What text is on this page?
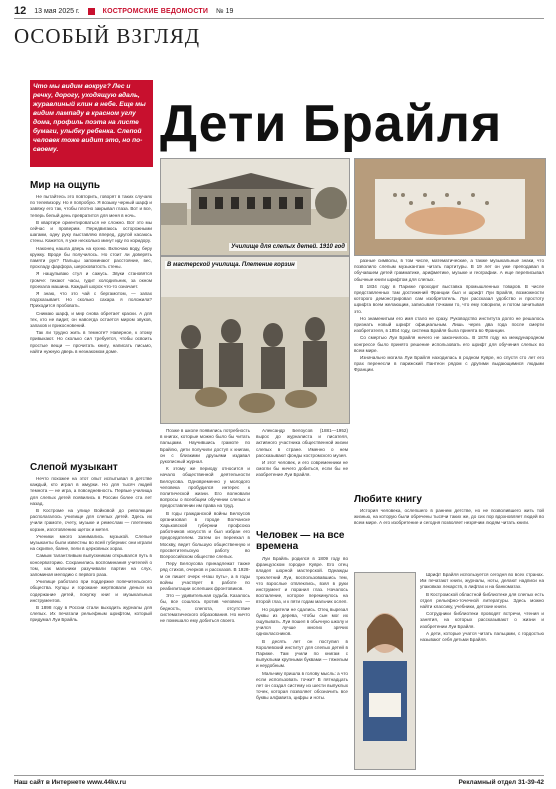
12 13 мая 2025 г.	КОСТРОМСКИЕ ВЕДОМОСТИ № 19
ОСОБЫЙ ВЗГЛЯД
Что мы видим вокруг? Лес и речку, дорогу, уходящую вдаль, журавлиный клин в небе. Еще мы видим лампаду в красном углу дома, профиль поэта на листе бумаги, улыбку ребенка. Слепой человек тоже видит это, но по-своему.	Дети Брайля
Мир на ощупь

Не пытайтесь это повторить, говорят в таких случаях по телевизору. Но я попробую. Я возьму черный шарф и завяжу его так, чтобы плотно закрывал глаза. Вот и все, теперь белый день превратится для меня в ночь.

В квартире ориентироваться не сложно. Вот это мы сейчас и проверим. Передвигаюсь осторожными шагами, одну руку выставляю вперед, другой касаюсь стены. Кажется, я уже несколько минут иду по коридору.

Наконец нашла дверь на кухню. Включаю воду, беру кружку. Вроде бы получилось. Но стоит ли доверять памяти рук? Пальцы запоминают расстояние, вес, прохладу фарфора, шероховатость стены.

Я нащупываю стул и сажусь. Звуки становятся громче: тикают часы, гудит холодильник, за окном проехала машина. Каждый шорох что-то означает.

Я знаю, что это чай с бергамотом, — запах подсказывает. Но сколько сахара я положила? Приходится пробовать.

Снимаю шарф, и мир снова обретает краски. А для тех, кто не видит, он навсегда остается миром звуков, запахов и прикосновений.

Так ли трудно жить в темноте? Наверное, к этому привыкают. Но сколько сил требуется, чтобы освоить простые вещи — прочитать книгу, написать письмо, найти нужную дверь в незнакомом доме.

Слепой музыкант

Нечто похожее на этот опыт испытывал в детстве каждый, кто играл в жмурки. Но для тысяч людей темнота — не игра, а повседневность. Первые училища для слепых детей появились в России более ста лет назад.

В Костроме на улице Войковой до революции располагалось училище для слепых детей. Здесь их учили грамоте, счету, музыке и ремеслам — плетению корзин, изготовлению щеток и метел.

Ученики много занимались музыкой. Слепые музыканты были известны во всей губернии: они играли на скрипке, баяне, пели в церковных хорах.

Самым талантливым выпускникам открывался путь в консерваторию. Сохранились воспоминания учителей о том, как мальчики разучивали партии на слух, запоминая мелодию с первого раза.

Училище работало при поддержке попечительского общества. Купцы и горожане жертвовали деньги на содержание детей, покупку книг и музыкальных инструментов.

В 1898 году в России стали выходить журналы для слепых. Их печатали рельефным шрифтом, который придумал Луи Брайль.

Училище для слепых детей. 1910 год
В мастерской училища. Плетение корзин

Позже в школе появились потребность в книгах, которые можно было бы читать пальцами. Научившись грамоте по Брайлю, дети получили доступ к книгам, он с близкими друзьями издавал рукописный журнал.

К этому же периоду относится и начало общественной деятельности Белоусова. Одновременно у молодого человека пробудился интерес к политической жизни. Его волновали вопросы о всеобщем обучении слепых и предоставлении им права на труд.

В годы гражданской войны Белоусов организовал в городе Волчанске Харьковской губернии профсоюз работников искусств и был избран его председателем. Затем он переехал в Москву, ведет большую общественную и просветительскую работу во Всероссийском обществе слепых.

Перу Белоусова принадлежат также ряд стихов, очерков и рассказов. В 1928-м он пишет очерк «Наш путь», а в годы войны участвует в работе по реабилитации ослепших фронтовиков.

Это — удивительная судьба. Казалось бы, все сошлось против человека — бедность, слепота, отсутствие систематического образования. Но ничто не помешало ему добиться своего.

Александр Белоусов (1881—1952) вырос до журналиста и писателя, активного участника общественной жизни слепых в стране. Именно о нем рассказывают фонды костромского музея.

И этот человек, и его современники не смогли бы ничего добиться, если бы не изобретение Луи Брайля.

Человек — на все времена

Луи Брайль родился в 1809 году во французском городке Кувре. Его отец владел шорной мастерской. Однажды трехлетний Луи, воспользовавшись тем, что взрослые отвлеклись, взял в руки инструмент и поранил глаз. Началось воспаление, которое перекинулось на второй глаз, и к пяти годам мальчик ослеп.

Но родители не сдались. Отец вырезал буквы из дерева, чтобы сын мог их ощупывать. Луи пошел в обычную школу и учился лучше многих зрячих одноклассников.

В десять лет он поступил в Королевский институт для слепых детей в Париже. Там учили по книгам с выпуклыми крупными буквами — тяжелым и неудобным.

Мальчику пришла в голову мысль: а что если использовать точки? В пятнадцать лет он создал систему из шести выпуклых точек, которая позволяет обозначить все буквы алфавита, цифры и ноты.

разные символы, в том числе, математические, а также музыкальные знаки, что позволило слепым музыкантам читать партитуры. В 19 лет он уже преподавал в обучавшем детей грамматике, арифметике, музыке и географии. А еще переписывал обычные книги шрифтом для слепых.

В 1834 году в Париже проходит выставка промышленных товаров. В числе представленных там достижений Франции был и шрифт Луи Брайля, возможности которого демонстрировал сам изобретатель. Луи рассказал удобство и простоту шрифта всем желающим, записывая точками то, что ему говорили, и потом зачитывая это.

Но знаменитым его имя стало не сразу. Руководство института долго не решалось признать новый шрифт официальным. Лишь через два года после смерти изобретателя, в 1854 году, система Брайля была принята во Франции.

Со смертью Луи Брайля ничего не закончилось. В 1878 году на международном конгрессе было принято решение использовать его шрифт для обучения слепых во всем мире.

Изначально могила Луи Брайля находилась в родном Кувре, но спустя сто лет его прах перенесли в парижский Пантеон рядом с другими выдающимися людьми Франции.

Любите книгу

История человека, ослепшего в раннем детстве, но не позволившего жить той жизнью, на которую были обречены тысячи таких же, до сих пор вдохновляет людей во всем мире. А его изобретение и сегодня позволяет незрячим людям читать книги.

Шрифт Брайля используется сегодня во всех странах. Им печатают книги, журналы, ноты, делают надписи на упаковках лекарств, в лифтах и на банкоматах.

В Костромской областной библиотеке для слепых есть отдел рельефно-точечной литературы. Здесь можно найти классику, учебники, детские книги.

Сотрудники библиотеки проводят встречи, чтения и занятия, на которых рассказывают о жизни и изобретении Луи Брайля.

А дети, которые учатся читать пальцами, с гордостью называют себя детьми Брайля.

Наш сайт в Интернете www.44kv.ru	Рекламный отдел 31-39-42
